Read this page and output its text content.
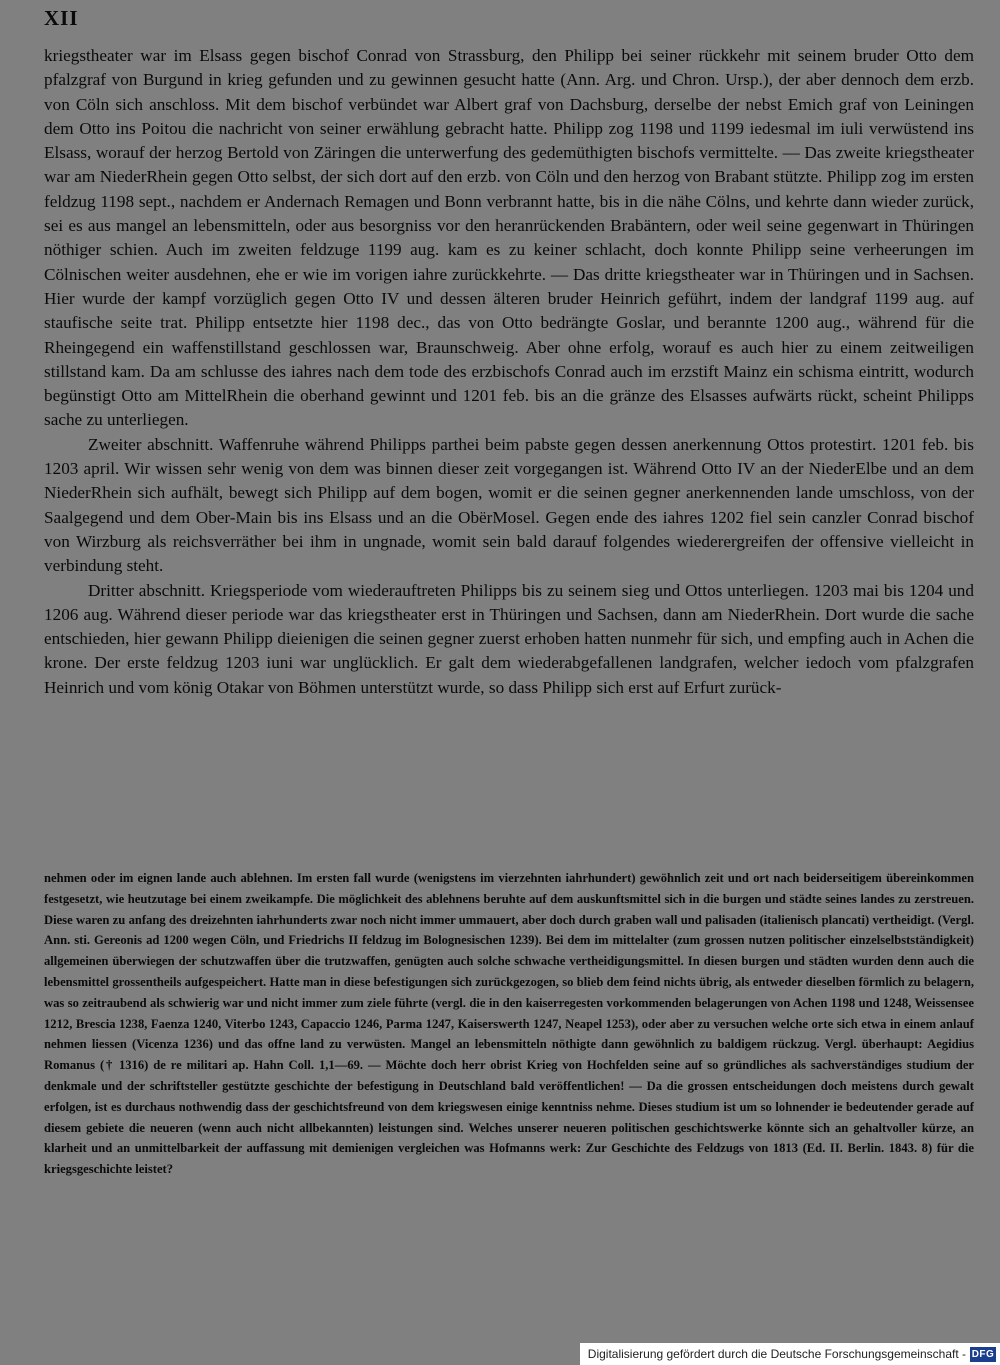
XII

kriegstheater war im Elsass gegen bischof Conrad von Strassburg, den Philipp bei seiner rückkehr mit seinem bruder Otto dem pfalzgraf von Burgund in krieg gefunden und zu gewinnen gesucht hatte (Ann. Arg. und Chron. Ursp.), der aber dennoch dem erzb. von Cöln sich anschloss. Mit dem bischof verbündet war Albert graf von Dachsburg, derselbe der nebst Emich graf von Leiningen dem Otto ins Poitou die nachricht von seiner erwählung gebracht hatte. Philipp zog 1198 und 1199 iedesmal im iuli verwüstend ins Elsass, worauf der herzog Bertold von Zäringen die unterwerfung des gedemüthigten bischofs vermittelte. — Das zweite kriegstheater war am NiederRhein gegen Otto selbst, der sich dort auf den erzb. von Cöln und den herzog von Brabant stützte. Philipp zog im ersten feldzug 1198 sept., nachdem er Andernach Remagen und Bonn verbrannt hatte, bis in die nähe Cölns, und kehrte dann wieder zurück, sei es aus mangel an lebensmitteln, oder aus besorgniss vor den heranrückenden Brabäntern, oder weil seine gegenwart in Thüringen nöthiger schien. Auch im zweiten feldzuge 1199 aug. kam es zu keiner schlacht, doch konnte Philipp seine verheerungen im Cölnischen weiter ausdehnen, ehe er wie im vorigen iahre zurückkehrte. — Das dritte kriegstheater war in Thüringen und in Sachsen. Hier wurde der kampf vorzüglich gegen Otto IV und dessen älteren bruder Heinrich geführt, indem der landgraf 1199 aug. auf staufische seite trat. Philipp entsetzte hier 1198 dec., das von Otto bedrängte Goslar, und berannte 1200 aug., während für die Rheingegend ein waffenstillstand geschlossen war, Braunschweig. Aber ohne erfolg, worauf es auch hier zu einem zeitweiligen stillstand kam. Da am schlusse des iahres nach dem tode des erzbischofs Conrad auch im erzstift Mainz ein schisma eintritt, wodurch begünstigt Otto am MittelRhein die oberhand gewinnt und 1201 feb. bis an die gränze des Elsasses aufwärts rückt, scheint Philipps sache zu unterliegen.

Zweiter abschnitt. Waffenruhe während Philipps parthei beim pabste gegen dessen anerkennung Ottos protestirt. 1201 feb. bis 1203 april. Wir wissen sehr wenig von dem was binnen dieser zeit vorgegangen ist. Während Otto IV an der NiederElbe und an dem NiederRhein sich aufhält, bewegt sich Philipp auf dem bogen, womit er die seinen gegner anerkennenden lande umschloss, von der Saalgegend und dem Ober-Main bis ins Elsass und an die ObërMosel. Gegen ende des iahres 1202 fiel sein canzler Conrad bischof von Wirzburg als reichsverräther bei ihm in ungnade, womit sein bald darauf folgendes wiederergreifen der offensive vielleicht in verbindung steht.

Dritter abschnitt. Kriegsperiode vom wiederauftreten Philipps bis zu seinem sieg und Ottos unterliegen. 1203 mai bis 1204 und 1206 aug. Während dieser periode war das kriegstheater erst in Thüringen und Sachsen, dann am NiederRhein. Dort wurde die sache entschieden, hier gewann Philipp dieienigen die seinen gegner zuerst erhoben hatten nunmehr für sich, und empfing auch in Achen die krone. Der erste feldzug 1203 iuni war unglücklich. Er galt dem wiederabgefallenen landgrafen, welcher iedoch vom pfalzgrafen Heinrich und vom könig Otakar von Böhmen unterstützt wurde, so dass Philipp sich erst auf Erfurt zurück-

nehmen oder im eignen lande auch ablehnen. Im ersten fall wurde (wenigstens im vierzehnten iahrhundert) gewöhnlich zeit und ort nach beiderseitigem übereinkommen festgesetzt, wie heutzutage bei einem zweikampfe. Die möglichkeit des ablehnens beruhte auf dem auskunftsmittel sich in die burgen und städte seines landes zu zerstreuen. Diese waren zu anfang des dreizehnten iahrhunderts zwar noch nicht immer ummauert, aber doch durch graben wall und palisaden (italienisch plancati) vertheidigt. (Vergl. Ann. sti. Gereonis ad 1200 wegen Cöln, und Friedrichs II feldzug im Bolognesischen 1239). Bei dem im mittelalter (zum grossen nutzen politischer einzelselbstständigkeit) allgemeinen überwiegen der schutzwaffen über die trutzwaffen, genügten auch solche schwache vertheidigungsmittel. In diesen burgen und städten wurden denn auch die lebensmittel grossentheils aufgespeichert. Hatte man in diese befestigungen sich zurückgezogen, so blieb dem feind nichts übrig, als entweder dieselben förmlich zu belagern, was so zeitraubend als schwierig war und nicht immer zum ziele führte (vergl. die in den kaiserregesten vorkommenden belagerungen von Achen 1198 und 1248, Weissensee 1212, Brescia 1238, Faenza 1240, Viterbo 1243, Capaccio 1246, Parma 1247, Kaiserswerth 1247, Neapel 1253), oder aber zu versuchen welche orte sich etwa in einem anlauf nehmen liessen (Vicenza 1236) und das offne land zu verwüsten. Mangel an lebensmitteln nöthigte dann gewöhnlich zu baldigem rückzug. Vergl. überhaupt: Aegidius Romanus († 1316) de re militari ap. Hahn Coll. 1,1—69. — Möchte doch herr obrist Krieg von Hochfelden seine auf so gründliches als sachverständiges studium der denkmale und der schriftsteller gestützte geschichte der befestigung in Deutschland bald veröffentlichen! — Da die grossen entscheidungen doch meistens durch gewalt erfolgen, ist es durchaus nothwendig dass der geschichtsfreund von dem kriegswesen einige kenntniss nehme. Dieses studium ist um so lohnender ie bedeutender gerade auf diesem gebiete die neueren (wenn auch nicht allbekannten) leistungen sind. Welches unserer neueren politischen geschichtswerke könnte sich an gehaltvoller kürze, an klarheit und an unmittelbarkeit der auffassung mit demienigen vergleichen was Hofmanns werk: Zur Geschichte des Feldzugs von 1813 (Ed. II. Berlin. 1843. 8) für die kriegsgeschichte leistet?

Digitalisierung gefördert durch die Deutsche Forschungsgemeinschaft - DFG
